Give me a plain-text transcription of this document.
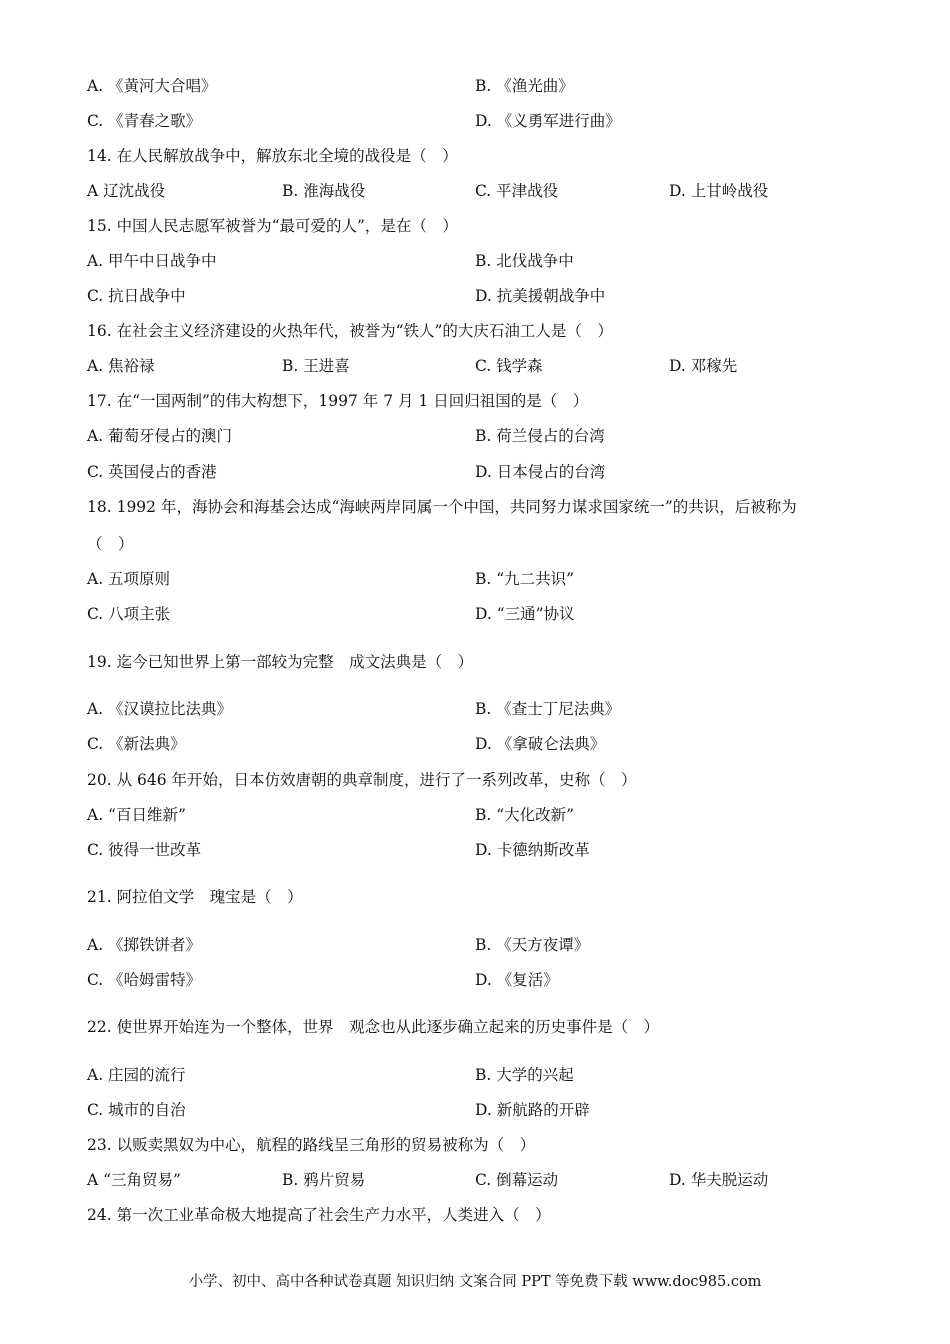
A. 《黄河大合唱》	B. 《渔光曲》
C. 《青春之歌》	D. 《义勇军进行曲》
14. 在人民解放战争中，解放东北全境的战役是（　）
A 辽沈战役	B. 淮海战役	C. 平津战役	D. 上甘岭战役
15. 中国人民志愿军被誉为“最可爱的人”，是在（　）
A. 甲午中日战争中	B. 北伐战争中
C. 抗日战争中	D. 抗美援朝战争中
16. 在社会主义经济建设的火热年代，被誉为“铁人”的大庆石油工人是（　）
A. 焦裕禄	B. 王进喜	C. 钱学森	D. 邓稼先
17. 在“一国两制”的伟大构想下，1997 年 7 月 1 日回归祖国的是（　）
A. 葡萄牙侵占的澳门	B. 荷兰侵占的台湾
C. 英国侵占的香港	D. 日本侵占的台湾
18. 1992 年，海协会和海基会达成“海峡两岸同属一个中国，共同努力谋求国家统一”的共识，后被称为
（　）
A. 五项原则	B. “九二共识”
C. 八项主张	D. “三通”协议
19. 迄今已知世界上第一部较为完整　成文法典是（　）
A. 《汉谟拉比法典》	B. 《查士丁尼法典》
C. 《新法典》	D. 《拿破仑法典》
20. 从 646 年开始，日本仿效唐朝的典章制度，进行了一系列改革，史称（　）
A. “百日维新”	B. “大化改新”
C. 彼得一世改革	D. 卡德纳斯改革
21. 阿拉伯文学　瑰宝是（　）
A. 《掷铁饼者》	B. 《天方夜谭》
C. 《哈姆雷特》	D. 《复活》
22. 使世界开始连为一个整体，世界　观念也从此逐步确立起来的历史事件是（　）
A. 庄园的流行	B. 大学的兴起
C. 城市的自治	D. 新航路的开辟
23. 以贩卖黑奴为中心，航程的路线呈三角形的贸易被称为（　）
A “三角贸易”	B. 鸦片贸易	C. 倒幕运动	D. 华夫脱运动
24. 第一次工业革命极大地提高了社会生产力水平，人类进入（　）
小学、初中、高中各种试卷真题 知识归纳 文案合同 PPT 等免费下载 www.doc985.com
